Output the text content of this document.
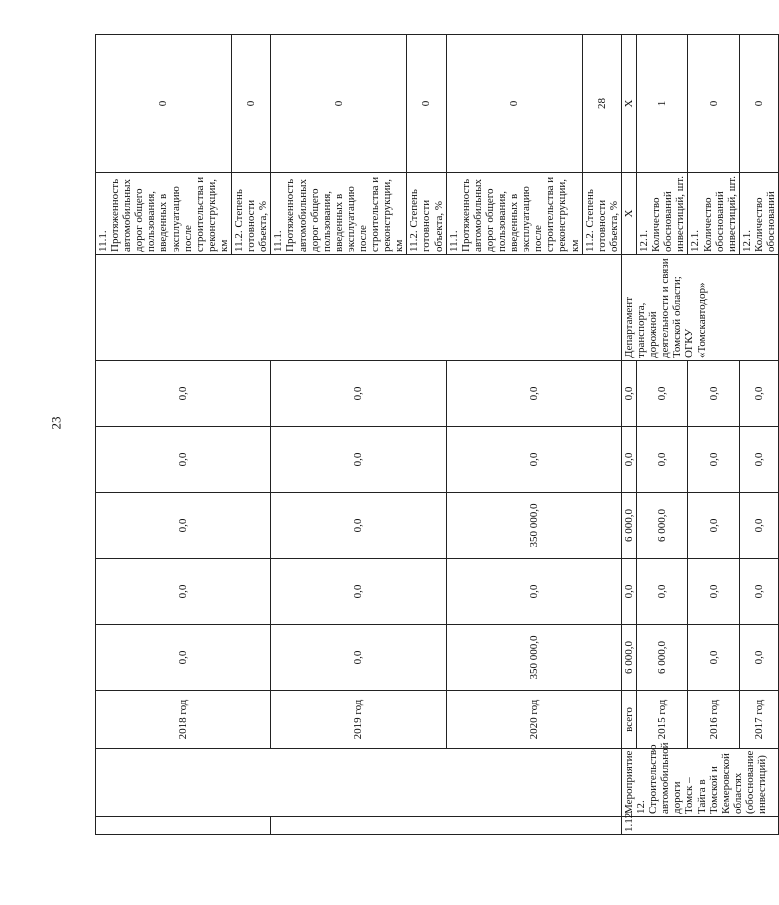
23
		2018 год	0,0	0,0	0,0	0,0	0,0		11.1. Протяженность автомобильных дорог общего пользования, введенных в эксплуатацию после строительства и реконструкции, км	0
									11.2. Степень готовности объекта, %	0
		2019 год	0,0	0,0	0,0	0,0	0,0		11.1. Протяженность автомобильных дорог общего пользования, введенных в эксплуатацию после строительства и реконструкции, км	0
									11.2. Степень готовности объекта, %	0
		2020 год	350 000,0	0,0	350 000,0	0,0	0,0		11.1. Протяженность автомобильных дорог общего пользования, введенных в эксплуатацию после строительства и реконструкции, км	0
									11.2. Степень готовности объекта, %	28
1.12.	Мероприятие 12. Строительство автомобильной дороги Томск – Тайга в Томской и Кемеровской областях (обоснование инвестиций)	всего	6 000,0	0,0	6 000,0	0,0	0,0	Департамент транспорта, дорожной деятельности и связи Томской области; ОГКУ «Томскавтодор»	Х	Х
		2015 год	6 000,0	0,0	6 000,0	0,0	0,0		12.1. Количество обоснований инвестиций, шт.	1
		2016 год	0,0	0,0	0,0	0,0	0,0		12.1. Количество обоснований инвестиций, шт.	0
		2017 год	0,0	0,0	0,0	0,0	0,0		12.1. Количество обоснований	0
